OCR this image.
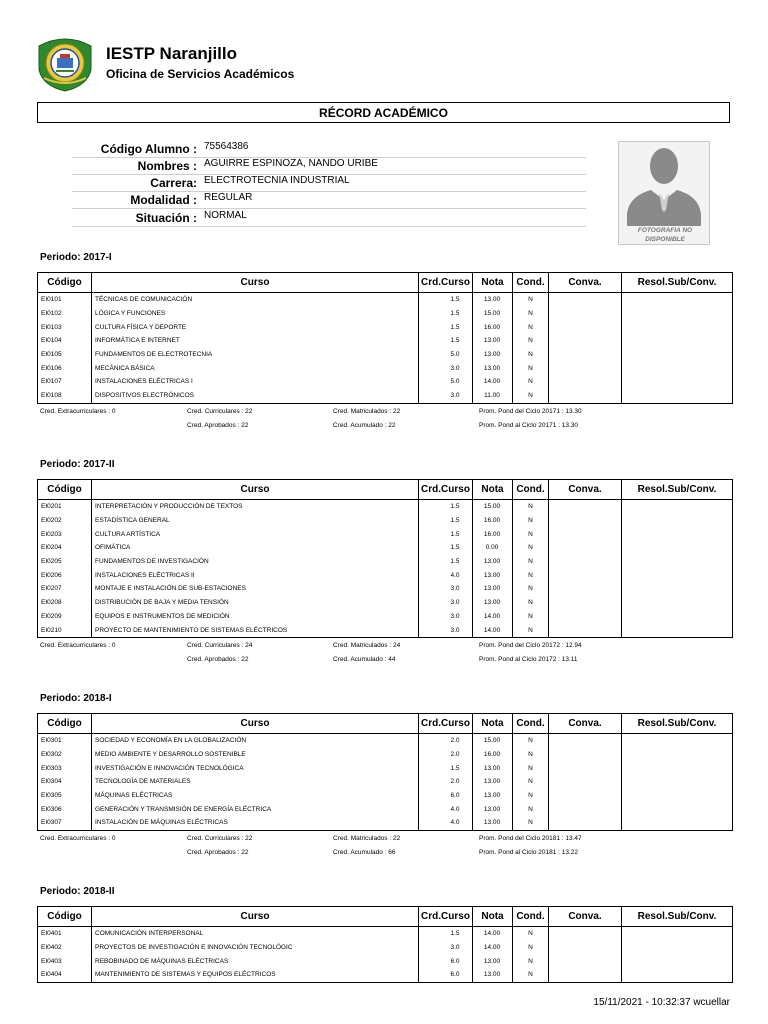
IESTP Naranjillo
Oficina de Servicios Académicos
RÉCORD ACADÉMICO
Código Alumno : 75564386
Nombres : AGUIRRE ESPINOZA, NANDO URIBE
Carrera: ELECTROTECNIA INDUSTRIAL
Modalidad : REGULAR
Situación : NORMAL
FOTOGRAFIA NO DISPONIBLE
Periodo: 2017-I
Código	Curso	Crd.Curso	Nota	Cond.	Conva.	Resol.Sub/Conv.
EI0101	TÉCNICAS DE COMUNICACIÓN	1.5	13.00	N		
EI0102	LÓGICA Y FUNCIONES	1.5	15.00	N		
EI0103	CULTURA FÍSICA Y DEPORTE	1.5	16.00	N		
EI0104	INFORMÁTICA E INTERNET	1.5	13.00	N		
EI0105	FUNDAMENTOS DE ELECTROTECNIA	5.0	13.00	N		
EI0106	MECÁNICA BÁSICA	3.0	13.00	N		
EI0107	INSTALACIONES ELÉCTRICAS I	5.0	14.00	N		
EI0108	DISPOSITIVOS ELECTRÓNICOS	3.0	11.00	N		
Cred. Extracurriculares : 0	Cred. Curriculares : 22	Cred. Matriculados : 22	Prom. Pond del Ciclo 20171 : 13.30
Cred. Aprobados : 22	Cred. Acumulado : 22	Prom. Pond al Ciclo 20171 : 13.30
Periodo: 2017-II
Código	Curso	Crd.Curso	Nota	Cond.	Conva.	Resol.Sub/Conv.
EI0201	INTERPRETACIÓN Y PRODUCCIÓN DE TEXTOS	1.5	15.00	N		
EI0202	ESTADÍSTICA GENERAL	1.5	16.00	N		
EI0203	CULTURA ARTÍSTICA	1.5	16.00	N		
EI0204	OFIMÁTICA	1.5	0.00	N		
EI0205	FUNDAMENTOS DE INVESTIGACIÓN	1.5	13.00	N		
EI0206	INSTALACIONES ELÉCTRICAS II	4.0	13.00	N		
EI0207	MONTAJE E INSTALACIÓN DE SUB-ESTACIONES	3.0	13.00	N		
EI0208	DISTRIBUCIÓN DE BAJA Y MEDIA TENSIÓN	3.0	13.00	N		
EI0209	EQUIPOS E INSTRUMENTOS DE MEDICIÓN	3.0	14.00	N		
EI0210	PROYECTO DE MANTENIMIENTO DE SISTEMAS ELÉCTRICOS	3.0	14.00	N		
Cred. Extracurriculares : 0	Cred. Curriculares : 24	Cred. Matriculados : 24	Prom. Pond del Ciclo 20172 : 12.94
Cred. Aprobados : 22	Cred. Acumulado : 44	Prom. Pond al Ciclo 20172 : 13.11
Periodo: 2018-I
Código	Curso	Crd.Curso	Nota	Cond.	Conva.	Resol.Sub/Conv.
EI0301	SOCIEDAD Y ECONOMÍA EN LA GLOBALIZACIÓN	2.0	15.00	N		
EI0302	MEDIO AMBIENTE Y DESARROLLO SOSTENIBLE	2.0	16.00	N		
EI0303	INVESTIGACIÓN E INNOVACIÓN TECNOLÓGICA	1.5	13.00	N		
EI0304	TECNOLOGÍA DE MATERIALES	2.0	13.00	N		
EI0305	MÁQUINAS ELÉCTRICAS	6.0	13.00	N		
EI0306	GENERACIÓN Y TRANSMISIÓN DE ENERGÍA ELÉCTRICA	4.0	13.00	N		
EI0307	INSTALACIÓN DE MÁQUINAS ELÉCTRICAS	4.0	13.00	N		
Cred. Extracurriculares : 0	Cred. Curriculares : 22	Cred. Matriculados : 22	Prom. Pond del Ciclo 20181 : 13.47
Cred. Aprobados : 22	Cred. Acumulado : 66	Prom. Pond al Ciclo 20181 : 13.22
Periodo: 2018-II
Código	Curso	Crd.Curso	Nota	Cond.	Conva.	Resol.Sub/Conv.
EI0401	COMUNICACIÓN INTERPERSONAL	1.5	14.00	N		
EI0402	PROYECTOS DE INVESTIGACIÓN E INNOVACIÓN TECNOLÓGIC	3.0	14.00	N		
EI0403	REBOBINADO DE MÁQUINAS ELÉCTRICAS	6.0	13.00	N		
EI0404	MANTENIMIENTO DE SISTEMAS Y EQUIPOS ELÉCTRICOS	6.0	13.00	N		
15/11/2021 - 10:32:37 wcuellar
